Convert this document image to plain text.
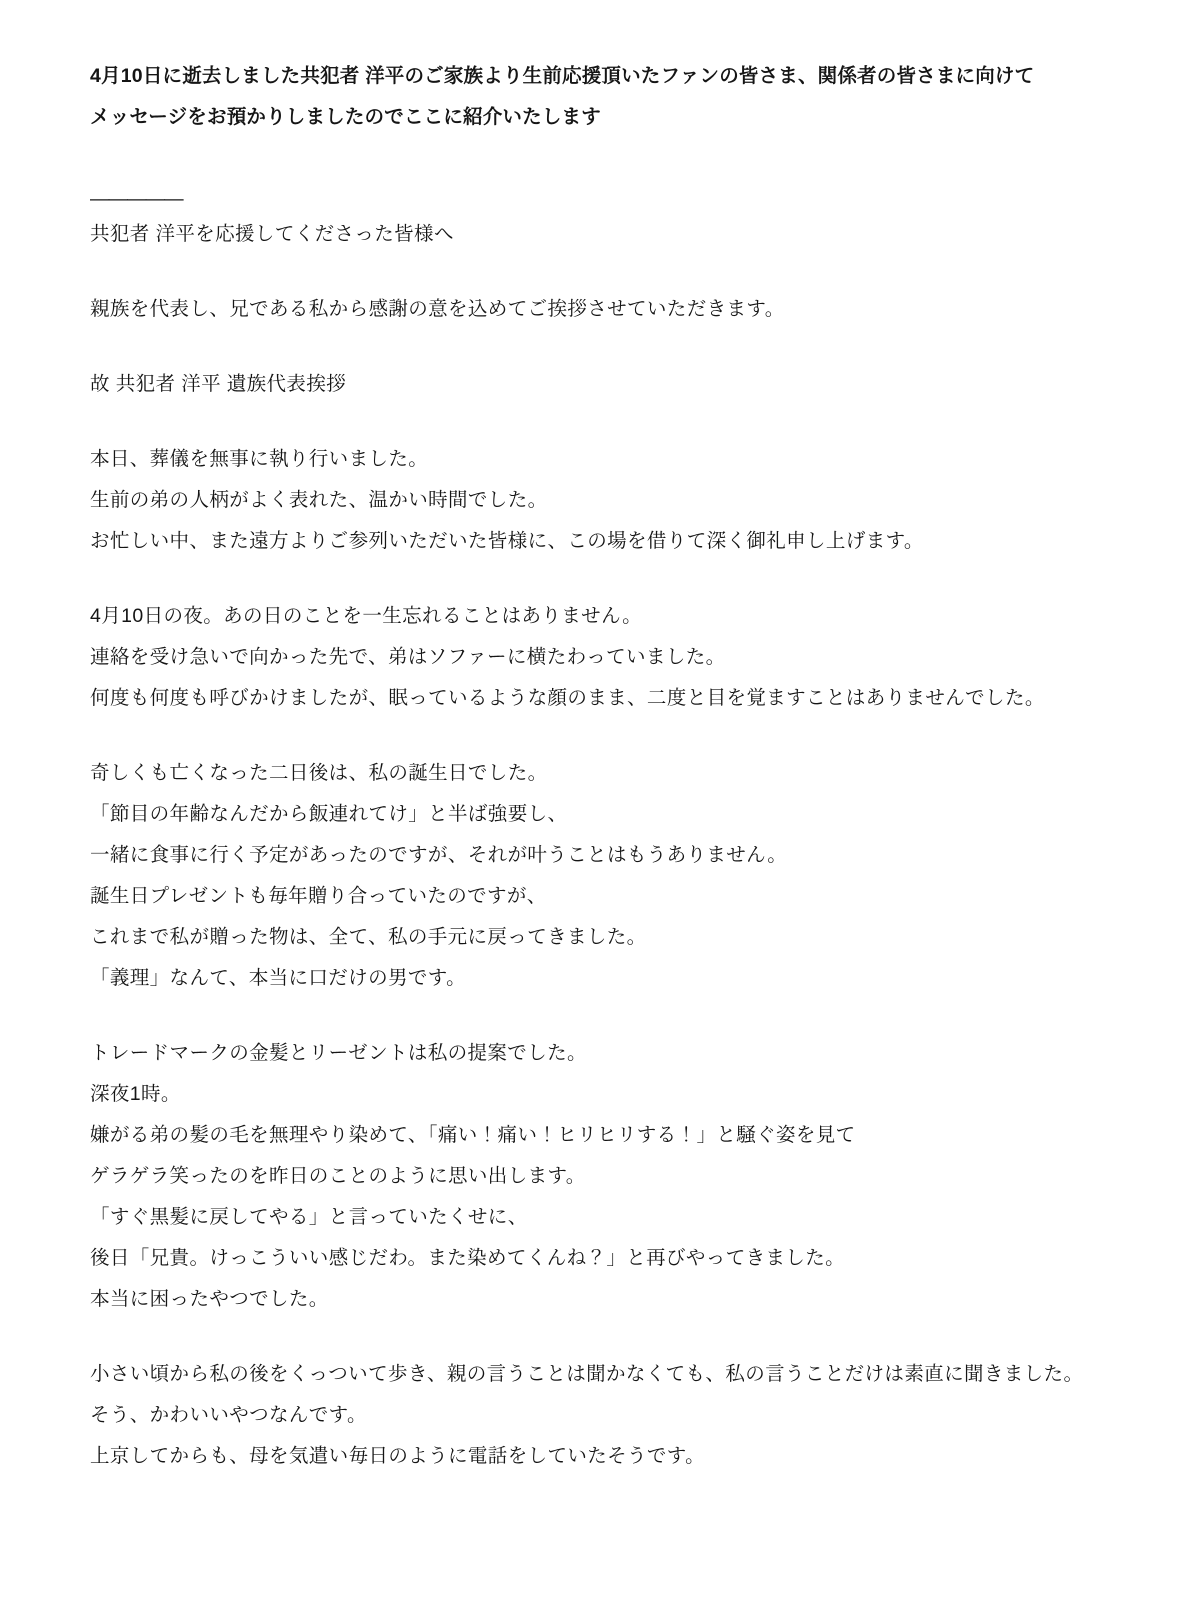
4月10日に逝去しました共犯者 洋平のご家族より生前応援頂いたファンの皆さま、関係者の皆さまに向けて
メッセージをお預かりしましたのでここに紹介いたします
—————
共犯者 洋平を応援してくださった皆様へ
親族を代表し、兄である私から感謝の意を込めてご挨拶させていただきます。
故 共犯者 洋平 遺族代表挨拶
本日、葬儀を無事に執り行いました。
生前の弟の人柄がよく表れた、温かい時間でした。
お忙しい中、また遠方よりご参列いただいた皆様に、この場を借りて深く御礼申し上げます。
4月10日の夜。あの日のことを一生忘れることはありません。
連絡を受け急いで向かった先で、弟はソファーに横たわっていました。
何度も何度も呼びかけましたが、眠っているような顔のまま、二度と目を覚ますことはありませんでした。
奇しくも亡くなった二日後は、私の誕生日でした。
「節目の年齢なんだから飯連れてけ」と半ば強要し、
一緒に食事に行く予定があったのですが、それが叶うことはもうありません。
誕生日プレゼントも毎年贈り合っていたのですが、
これまで私が贈った物は、全て、私の手元に戻ってきました。
「義理」なんて、本当に口だけの男です。
トレードマークの金髪とリーゼントは私の提案でした。
深夜1時。
嫌がる弟の髪の毛を無理やり染めて、「痛い！痛い！ヒリヒリする！」と騒ぐ姿を見て
ゲラゲラ笑ったのを昨日のことのように思い出します。
「すぐ黒髪に戻してやる」と言っていたくせに、
後日「兄貴。けっこういい感じだわ。また染めてくんね？」と再びやってきました。
本当に困ったやつでした。
小さい頃から私の後をくっついて歩き、親の言うことは聞かなくても、私の言うことだけは素直に聞きました。
そう、かわいいやつなんです。
上京してからも、母を気遣い毎日のように電話をしていたそうです。
